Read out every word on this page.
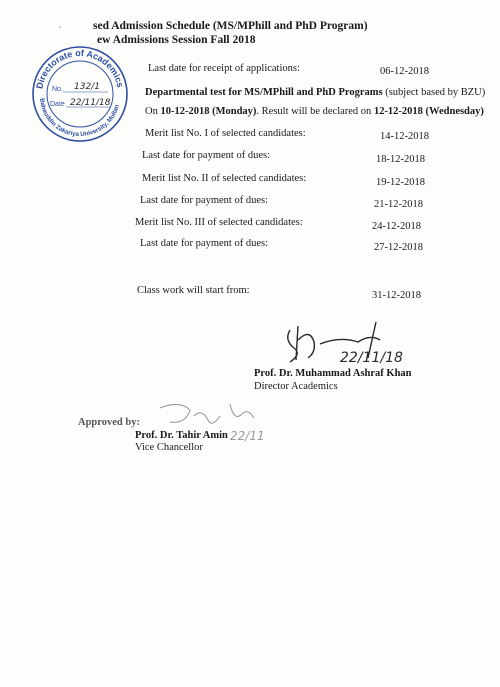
·	sed Admission Schedule (MS/MPhill and PhD Program)
ew Admissions Session Fall 2018
Directorate of Academics
Bahauddin Zakariya University, Multan
No. 132/1
Date 22/11/18
Last date for receipt of applications:	06-12-2018
Departmental test for MS/MPhill and PhD Programs (subject based by BZU)
On 10-12-2018 (Monday). Result will be declared on 12-12-2018 (Wednesday)
Merit list No. I of selected candidates:	14-12-2018
Last date for payment of dues:	18-12-2018
Merit list No. II of selected candidates:	19-12-2018
Last date for payment of dues:	21-12-2018
Merit list No. III of selected candidates:	24-12-2018
Last date for payment of dues:	27-12-2018
Class work will start from:	31-12-2018
22/11/18
Prof. Dr. Muhammad Ashraf Khan
Director Academics
Approved by:
22/11
Prof. Dr. Tahir Amin
Vice Chancellor
